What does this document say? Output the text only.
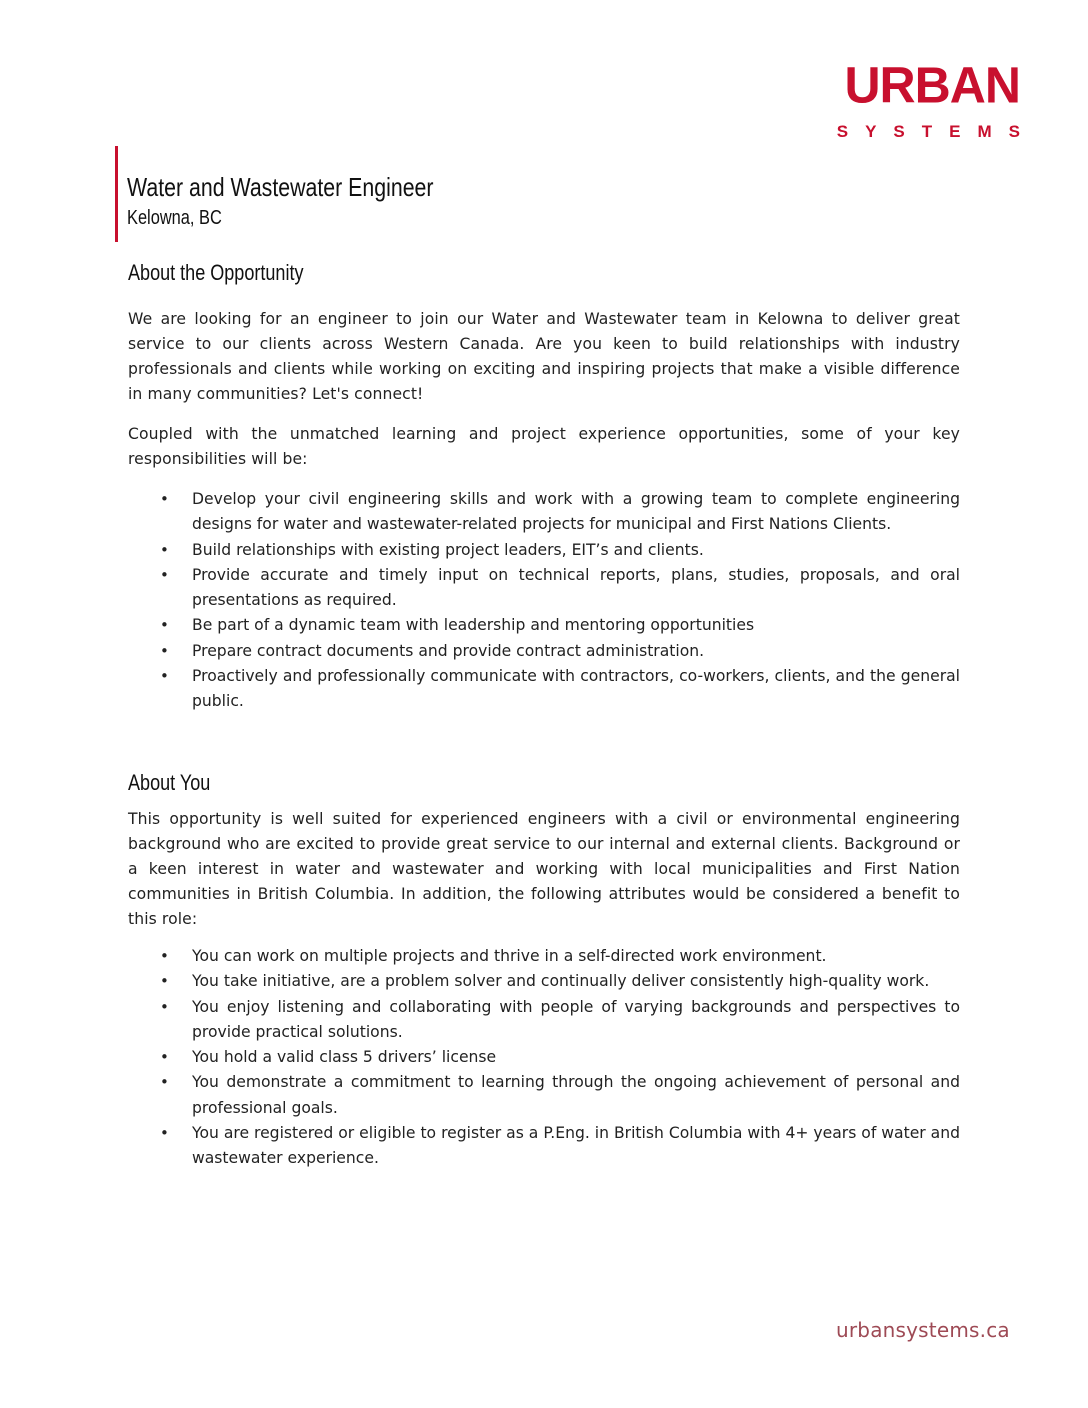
URBAN
SYSTEMS
Water and Wastewater Engineer
Kelowna, BC
About the Opportunity

We are looking for an engineer to join our Water and Wastewater team in Kelowna to deliver great service to our clients across Western Canada. Are you keen to build relationships with industry professionals and clients while working on exciting and inspiring projects that make a visible difference in many communities? Let's connect!

Coupled with the unmatched learning and project experience opportunities, some of your key responsibilities will be:

• Develop your civil engineering skills and work with a growing team to complete engineering designs for water and wastewater-related projects for municipal and First Nations Clients.
• Build relationships with existing project leaders, EIT’s and clients.
• Provide accurate and timely input on technical reports, plans, studies, proposals, and oral presentations as required.
• Be part of a dynamic team with leadership and mentoring opportunities
• Prepare contract documents and provide contract administration.
• Proactively and professionally communicate with contractors, co-workers, clients, and the general public.
About You

This opportunity is well suited for experienced engineers with a civil or environmental engineering background who are excited to provide great service to our internal and external clients. Background or a keen interest in water and wastewater and working with local municipalities and First Nation communities in British Columbia. In addition, the following attributes would be considered a benefit to this role:

• You can work on multiple projects and thrive in a self-directed work environment.
• You take initiative, are a problem solver and continually deliver consistently high-quality work.
• You enjoy listening and collaborating with people of varying backgrounds and perspectives to provide practical solutions.
• You hold a valid class 5 drivers’ license
• You demonstrate a commitment to learning through the ongoing achievement of personal and professional goals.
• You are registered or eligible to register as a P.Eng. in British Columbia with 4+ years of water and wastewater experience.
urbansystems.ca
